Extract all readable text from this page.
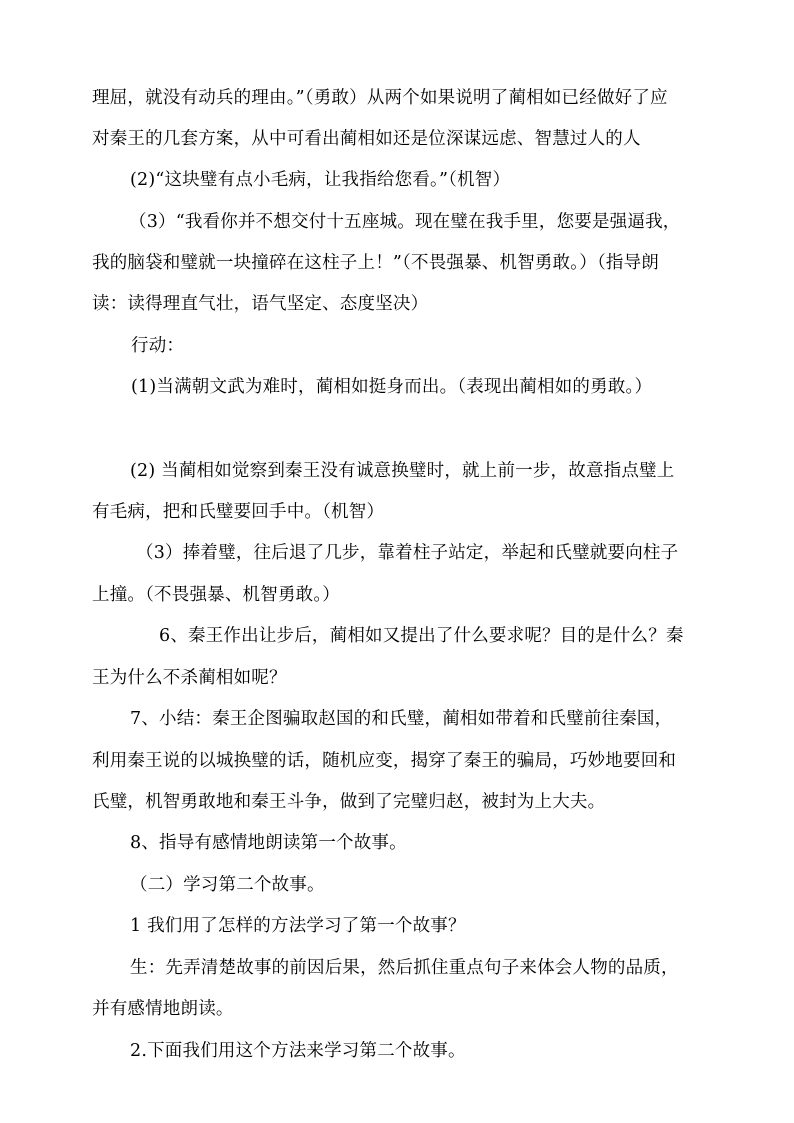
理屈，就没有动兵的理由。”（勇敢）从两个如果说明了蔺相如已经做好了应
对秦王的几套方案，从中可看出蔺相如还是位深谋远虑、智慧过人的人
(2)“这块璧有点小毛病，让我指给您看。”（机智）
（3）“我看你并不想交付十五座城。现在璧在我手里，您要是强逼我，
我的脑袋和璧就一块撞碎在这柱子上！”（不畏强暴、机智勇敢。）（指导朗
读：读得理直气壮，语气坚定、态度坚决）
行动：
(1)当满朝文武为难时，蔺相如挺身而出。（表现出蔺相如的勇敢。）
(2) 当蔺相如觉察到秦王没有诚意换璧时，就上前一步，故意指点璧上
有毛病，把和氏璧要回手中。（机智）
（3）捧着璧，往后退了几步，靠着柱子站定，举起和氏璧就要向柱子
上撞。（不畏强暴、机智勇敢。）
6、秦王作出让步后，蔺相如又提出了什么要求呢？目的是什么？秦
王为什么不杀蔺相如呢？
7、小结：秦王企图骗取赵国的和氏璧，蔺相如带着和氏璧前往秦国，
利用秦王说的以城换璧的话，随机应变，揭穿了秦王的骗局，巧妙地要回和
氏璧，机智勇敢地和秦王斗争，做到了完璧归赵，被封为上大夫。
8、指导有感情地朗读第一个故事。
（二）学习第二个故事。
1 我们用了怎样的方法学习了第一个故事？
生：先弄清楚故事的前因后果，然后抓住重点句子来体会人物的品质，
并有感情地朗读。
2.下面我们用这个方法来学习第二个故事。
